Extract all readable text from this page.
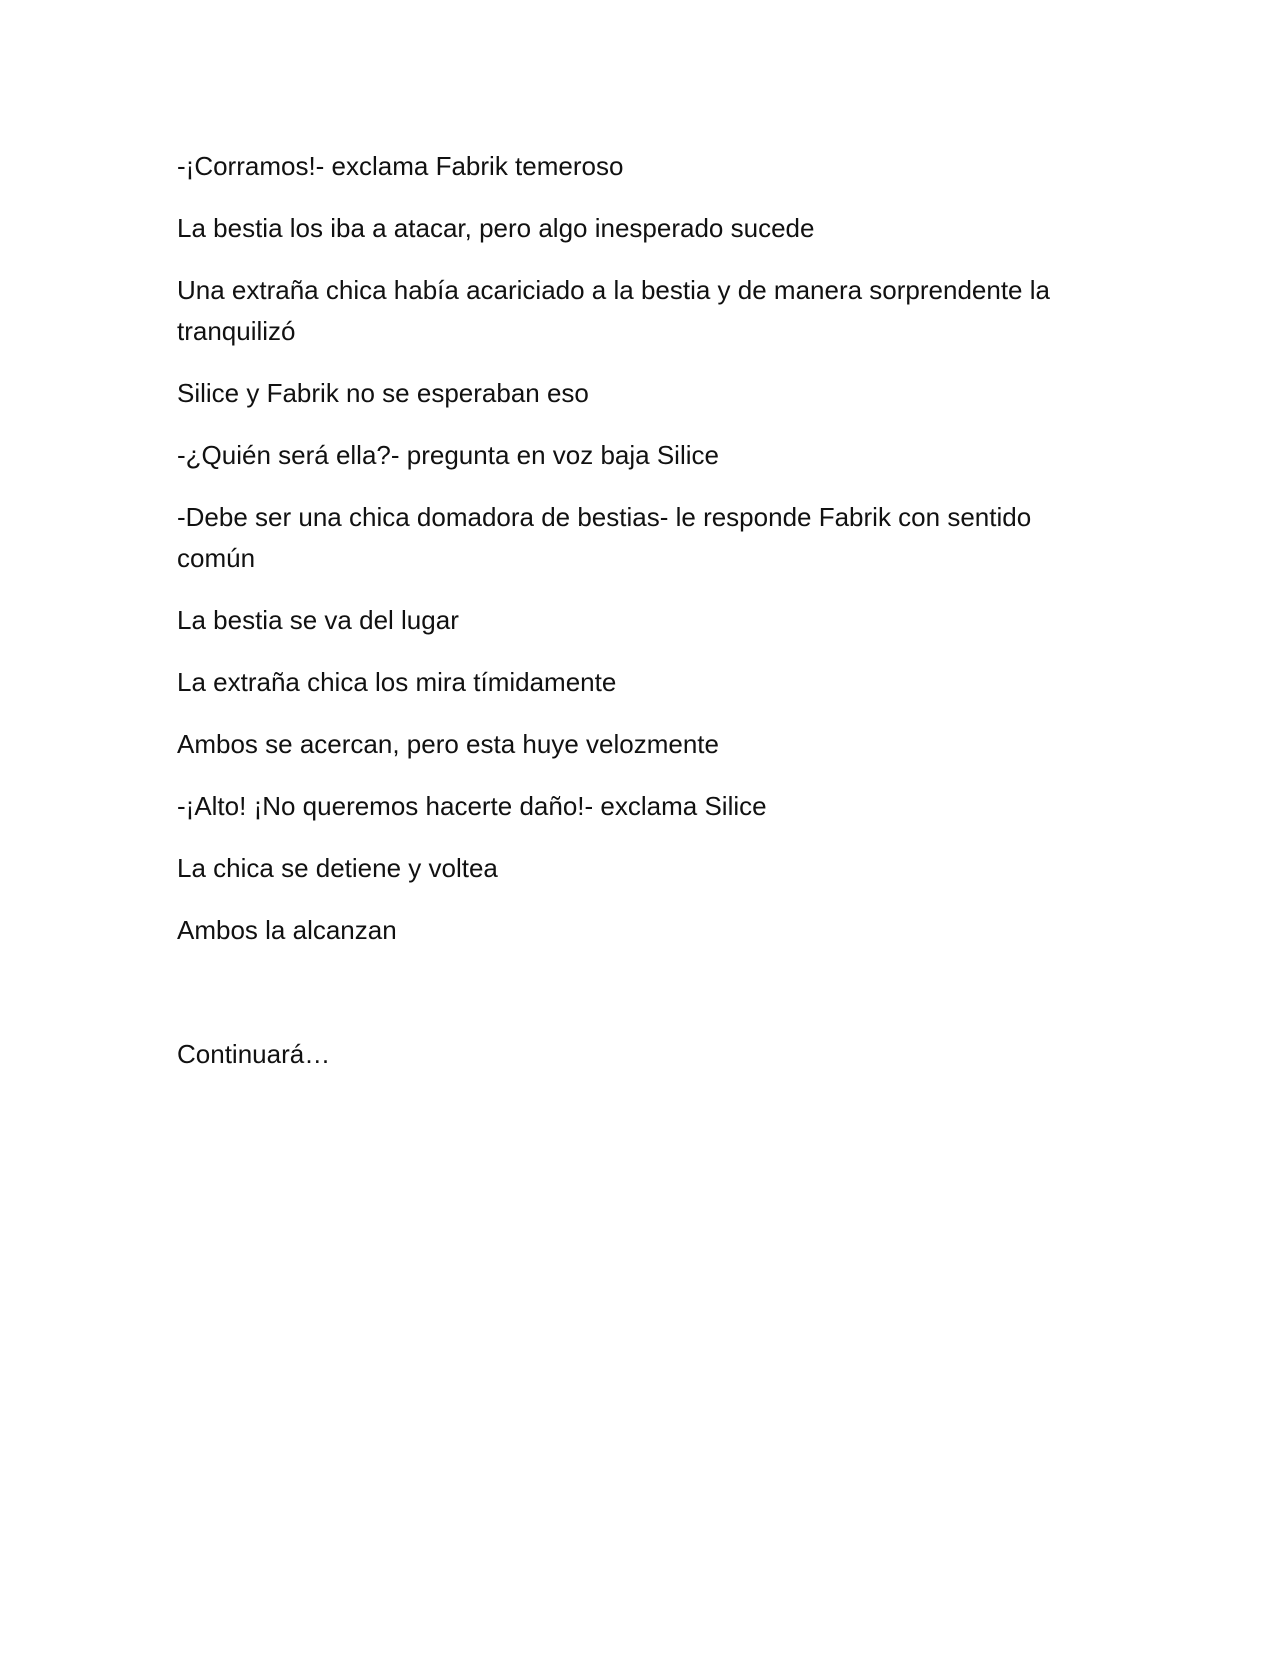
-¡Corramos!- exclama Fabrik temeroso

La bestia los iba a atacar, pero algo inesperado sucede

Una extraña chica había acariciado a la bestia y de manera sorprendente la tranquilizó

Silice y Fabrik no se esperaban eso

-¿Quién será ella?- pregunta en voz baja Silice

-Debe ser una chica domadora de bestias- le responde Fabrik con sentido común

La bestia se va del lugar

La extraña chica los mira tímidamente

Ambos se acercan, pero esta huye velozmente

-¡Alto! ¡No queremos hacerte daño!- exclama Silice

La chica se detiene y voltea

Ambos la alcanzan

Continuará…
